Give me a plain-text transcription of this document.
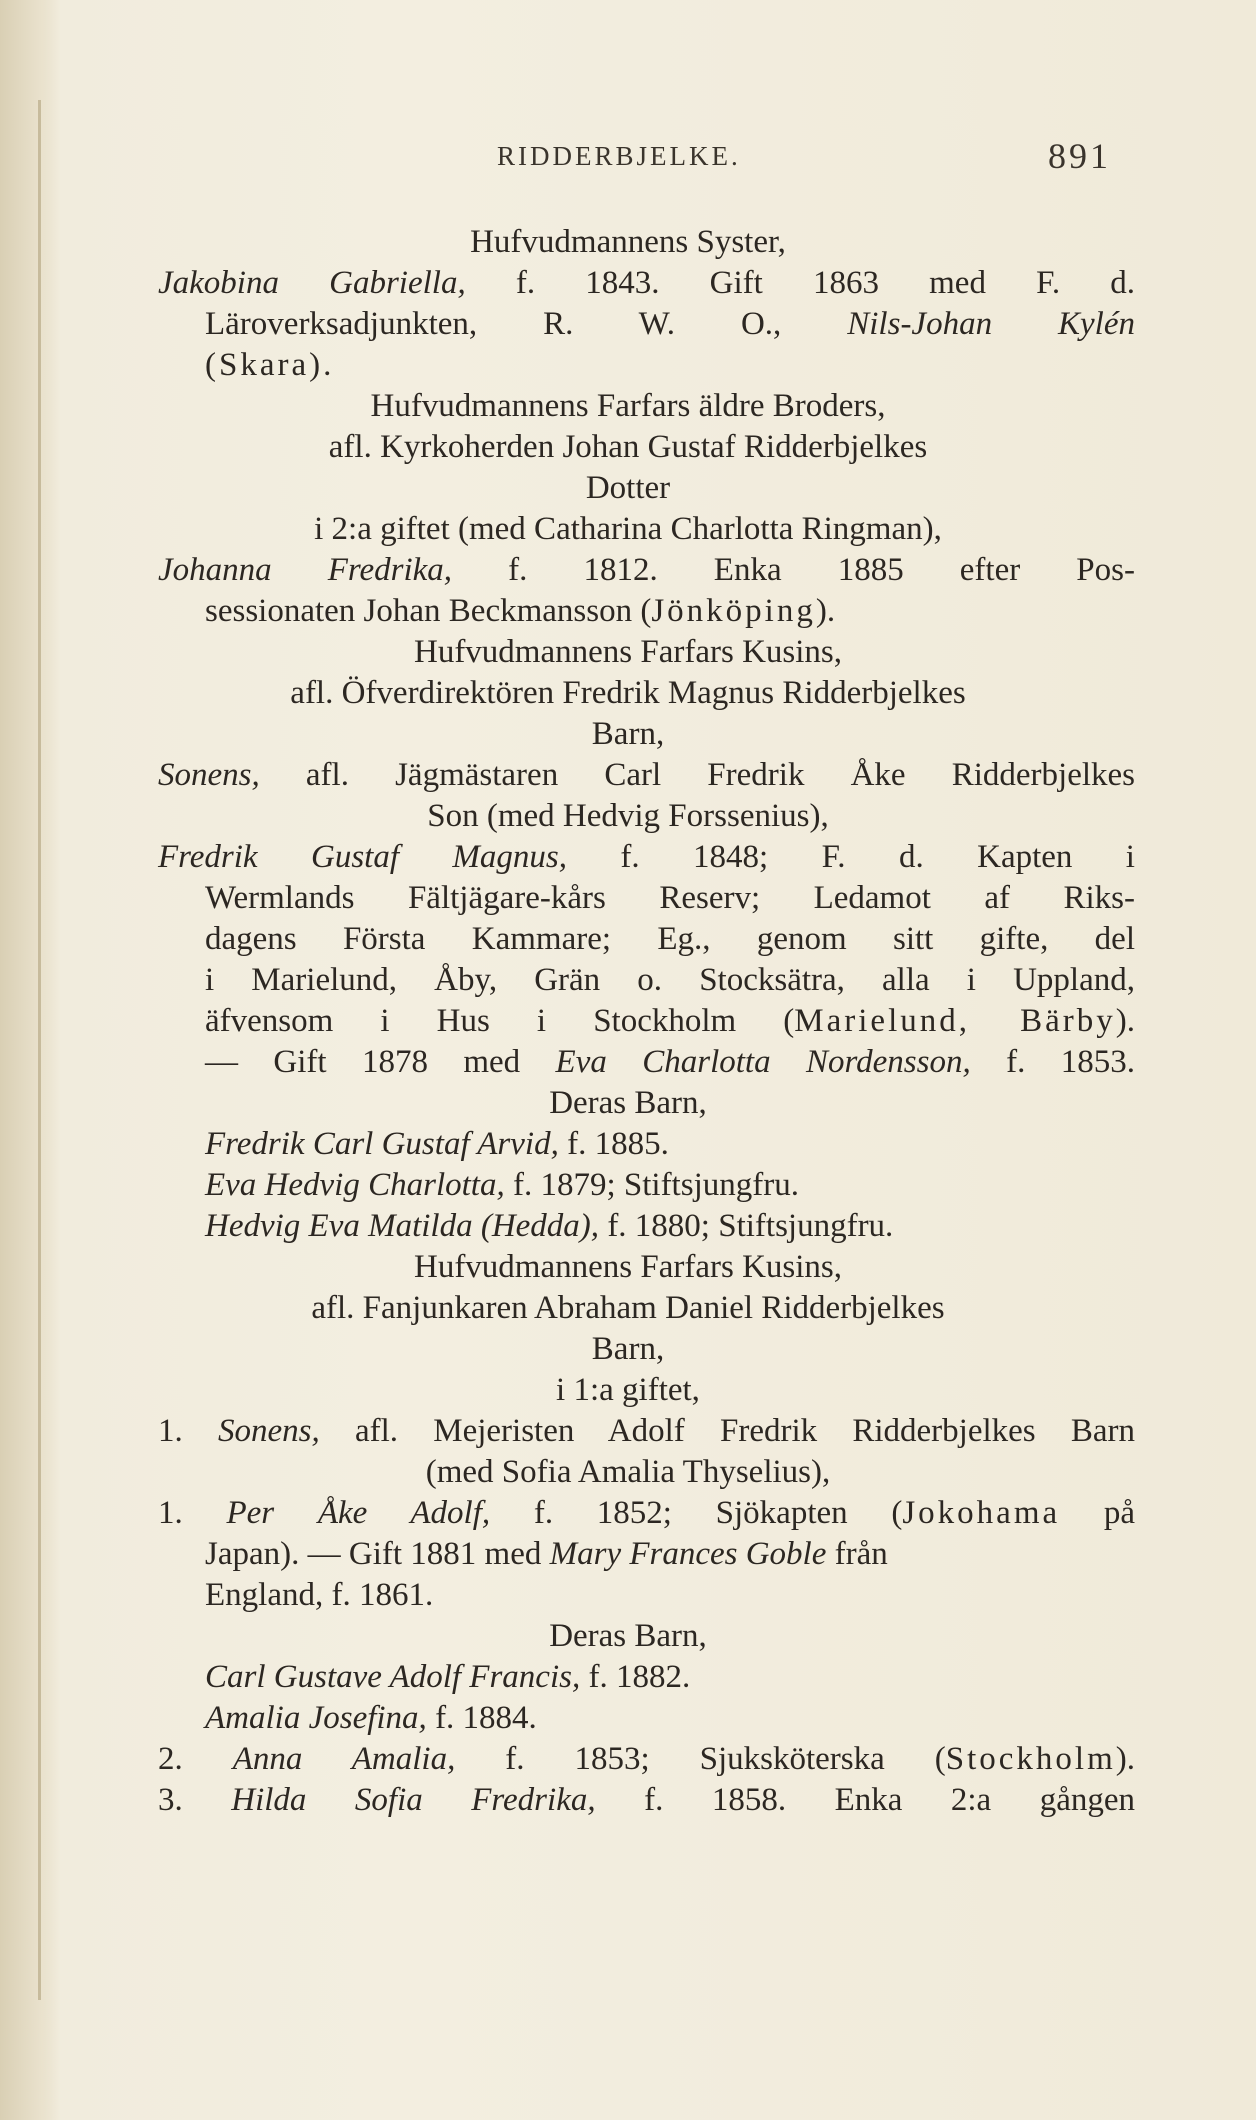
RIDDERBJELKE.	891
Hufvudmannens Syster,
Jakobina Gabriella, f. 1843. Gift 1863 med F. d.
Läroverksadjunkten, R. W. O., Nils-Johan Kylén
(Skara).
Hufvudmannens Farfars äldre Broders,
afl. Kyrkoherden Johan Gustaf Ridderbjelkes
Dotter
i 2:a giftet (med Catharina Charlotta Ringman),
Johanna Fredrika, f. 1812. Enka 1885 efter Pos-
sessionaten Johan Beckmansson (Jönköping).
Hufvudmannens Farfars Kusins,
afl. Öfverdirektören Fredrik Magnus Ridderbjelkes
Barn,
Sonens, afl. Jägmästaren Carl Fredrik Åke Ridderbjelkes
Son (med Hedvig Forssenius),
Fredrik Gustaf Magnus, f. 1848; F. d. Kapten i
Wermlands Fältjägare-kårs Reserv; Ledamot af Riks-
dagens Första Kammare; Eg., genom sitt gifte, del
i Marielund, Åby, Grän o. Stocksätra, alla i Uppland,
äfvensom i Hus i Stockholm (Marielund, Bärby).
— Gift 1878 med Eva Charlotta Nordensson, f. 1853.
Deras Barn,
Fredrik Carl Gustaf Arvid, f. 1885.
Eva Hedvig Charlotta, f. 1879; Stiftsjungfru.
Hedvig Eva Matilda (Hedda), f. 1880; Stiftsjungfru.
Hufvudmannens Farfars Kusins,
afl. Fanjunkaren Abraham Daniel Ridderbjelkes
Barn,
i 1:a giftet,
1. Sonens, afl. Mejeristen Adolf Fredrik Ridderbjelkes Barn
(med Sofia Amalia Thyselius),
1. Per Åke Adolf, f. 1852; Sjökapten (Jokohama på
Japan). — Gift 1881 med Mary Frances Goble från
England, f. 1861.
Deras Barn,
Carl Gustave Adolf Francis, f. 1882.
Amalia Josefina, f. 1884.
2. Anna Amalia, f. 1853; Sjuksköterska (Stockholm).
3. Hilda Sofia Fredrika, f. 1858. Enka 2:a gången
